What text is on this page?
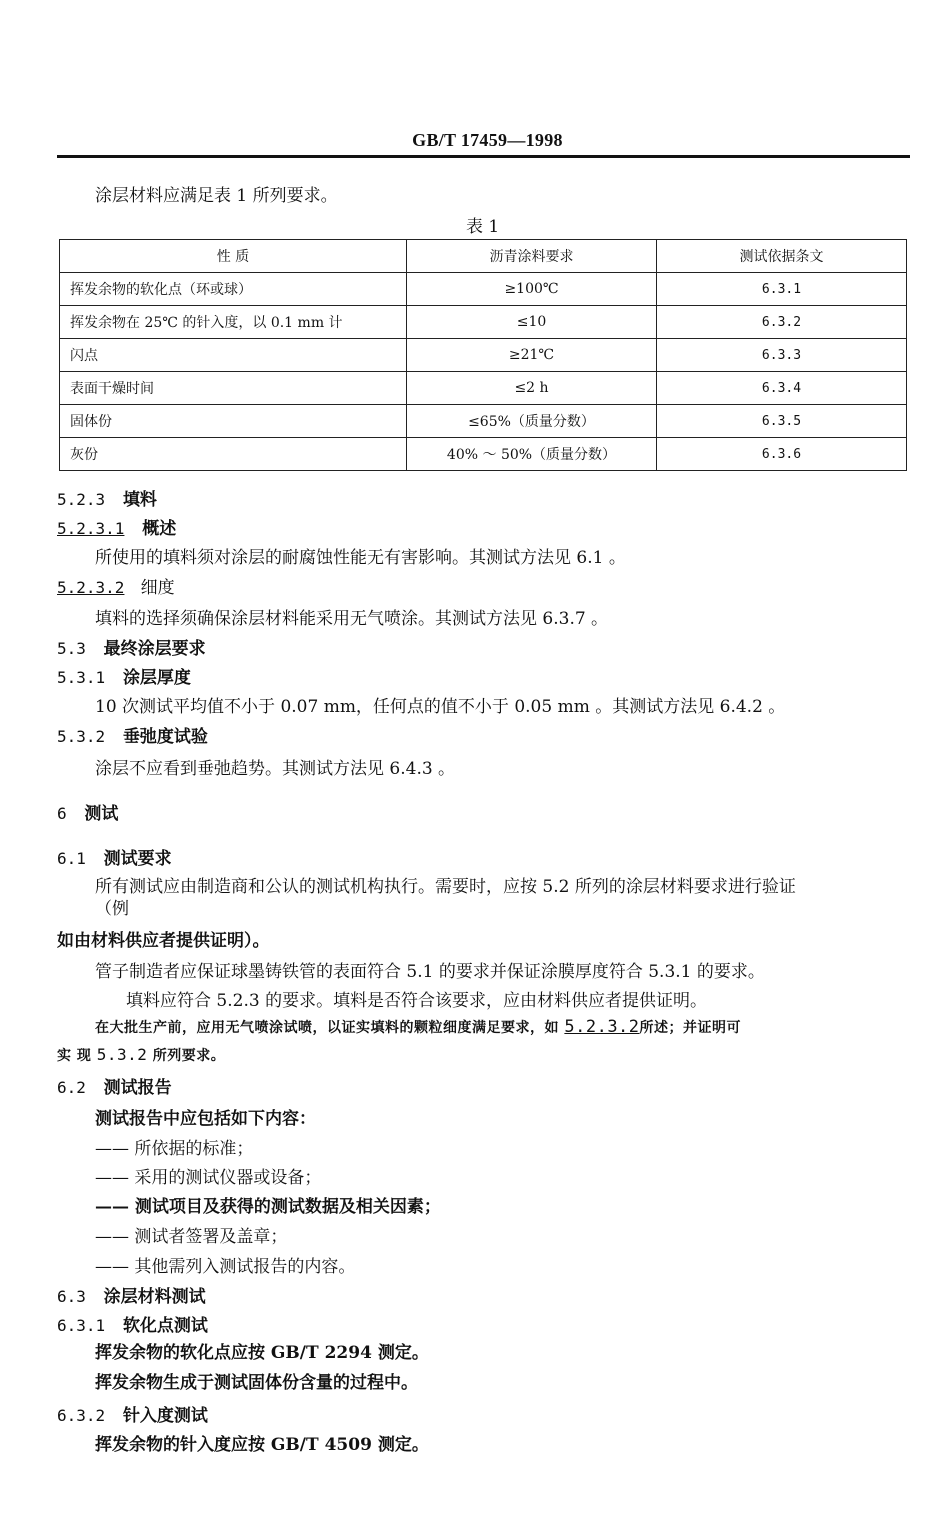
GB/T 17459—1998
涂层材料应满足表 1 所列要求。
表 1
性 质	沥青涂料要求	测试依据条文
挥发余物的软化点（环或球）	≥100℃	6.3.1
挥发余物在 25℃ 的针入度，以 0.1 mm 计	≤10	6.3.2
闪点	≥21℃	6.3.3
表面干燥时间	≤2 h	6.3.4
固体份	≤65%（质量分数）	6.3.5
灰份	40% ～ 50%（质量分数）	6.3.6
5.2.3 填料
5.2.3.1 概述
所使用的填料须对涂层的耐腐蚀性能无有害影响。其测试方法见 6.1 。
5.2.3.2 细度
填料的选择须确保涂层材料能采用无气喷涂。其测试方法见 6.3.7 。
5.3 最终涂层要求
5.3.1 涂层厚度
10 次测试平均值不小于 0.07 mm，任何点的值不小于 0.05 mm 。其测试方法见 6.4.2 。
5.3.2 垂弛度试验
涂层不应看到垂弛趋势。其测试方法见 6.4.3 。
6 测试
6.1 测试要求
所有测试应由制造商和公认的测试机构执行。需要时，应按 5.2 所列的涂层材料要求进行验证
（例
如由材料供应者提供证明）。
管子制造者应保证球墨铸铁管的表面符合 5.1 的要求并保证涂膜厚度符合 5.3.1 的要求。
填料应符合 5.2.3 的要求。填料是否符合该要求，应由材料供应者提供证明。
在大批生产前，应用无气喷涂试喷，以证实填料的颗粒细度满足要求，如 5.2.3.2所述；并证明可
实 现 5.3.2 所列要求。
6.2 测试报告
测试报告中应包括如下内容：
—— 所依据的标准；
—— 采用的测试仪器或设备；
—— 测试项目及获得的测试数据及相关因素；
—— 测试者签署及盖章；
—— 其他需列入测试报告的内容。
6.3 涂层材料测试
6.3.1 软化点测试
挥发余物的软化点应按 GB/T 2294 测定。
挥发余物生成于测试固体份含量的过程中。
6.3.2 针入度测试
挥发余物的针入度应按 GB/T 4509 测定。
